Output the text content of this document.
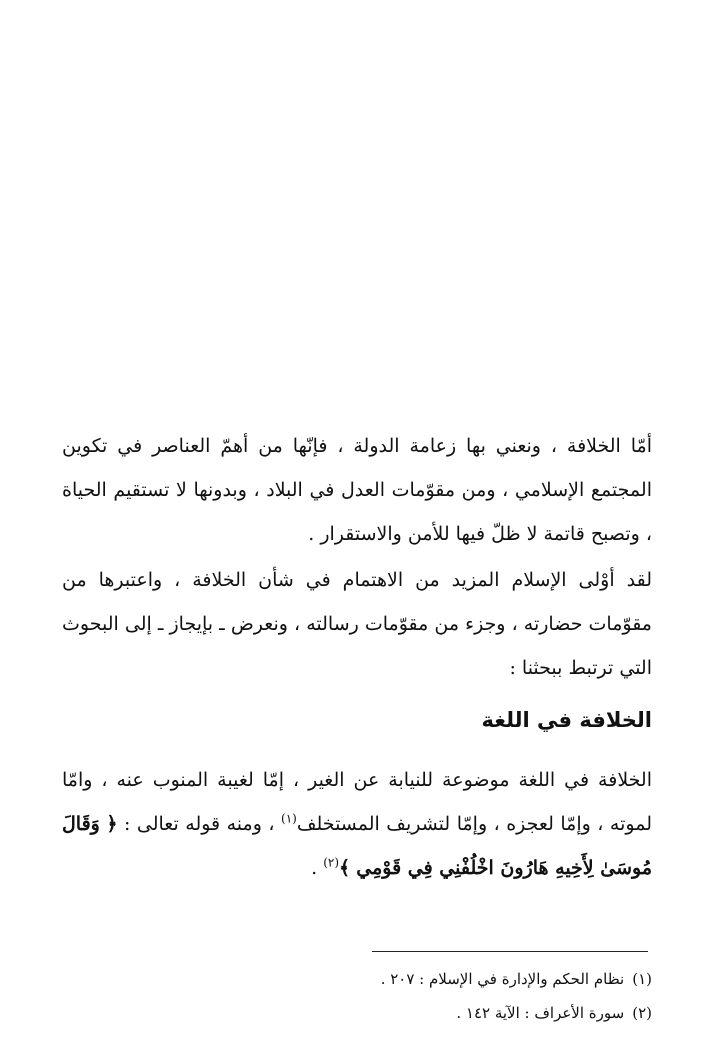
أمّا الخلافة ، ونعني بها زعامة الدولة ، فإنّها من أهمّ العناصر في تكوين المجتمع الإسلامي ، ومن مقوّمات العدل في البلاد ، وبدونها لا تستقيم الحياة ، وتصبح قاتمة لا ظلّ فيها للأمن والاستقرار .

لقد أوْلى الإسلام المزيد من الاهتمام في شأن الخلافة ، واعتبرها من مقوّمات حضارته ، وجزء من مقوّمات رسالته ، ونعرض ـ بإيجاز ـ إلى البحوث التي ترتبط ببحثنا :

الخلافة في اللغة

الخلافة في اللغة موضوعة للنيابة عن الغير ، إمّا لغيبة المنوب عنه ، وامّا لموته ، وإمّا لعجزه ، وإمّا لتشريف المستخلف$^{(١)}$ ، ومنه قوله تعالى : ﴿ وَقَالَ مُوسَىٰ لِأَخِيهِ هَارُونَ اخْلُفْنِي فِي قَوْمِي ﴾$^{(٢)}$ .

(١)نظام الحكم والإدارة في الإسلام : ٢٠٧ .
(٢)سورة الأعراف : الآية ١٤٢ .
